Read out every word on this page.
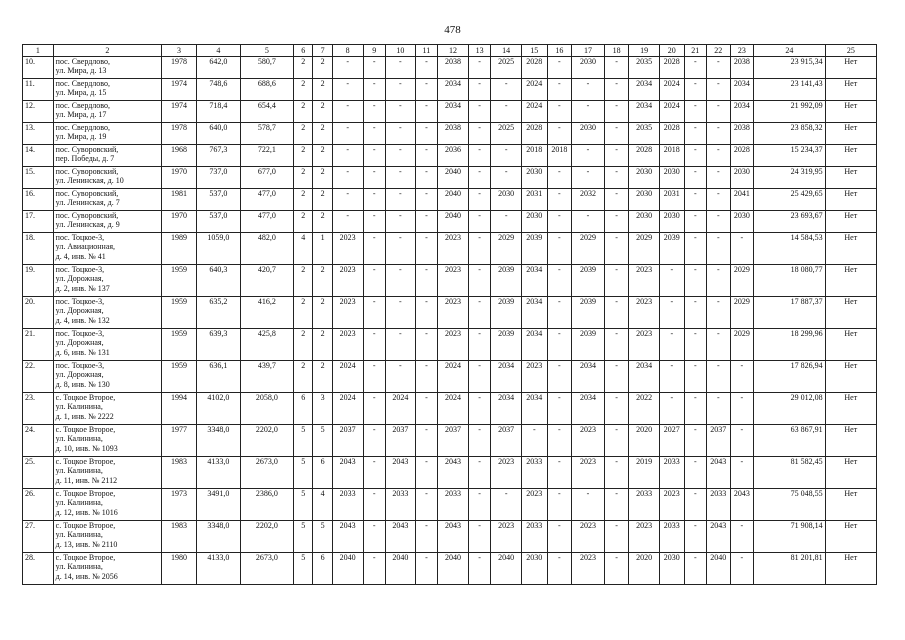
478
1	2	3	4	5	6	7	8	9	10	11	12	13	14	15	16	17	18	19	20	21	22	23	24	25
10.	пос. Свердлово,
ул. Мира, д. 13	1978	642,0	580,7	2	2	-	-	-	-	2038	-	2025	2028	-	2030	-	2035	2028	-	-	2038	23 915,34	Нет
11.	пос. Свердлово,
ул. Мира, д. 15	1974	748,6	688,6	2	2	-	-	-	-	2034	-	-	2024	-	-	-	2034	2024	-	-	2034	23 141,43	Нет
12.	пос. Свердлово,
ул. Мира, д. 17	1974	718,4	654,4	2	2	-	-	-	-	2034	-	-	2024	-	-	-	2034	2024	-	-	2034	21 992,09	Нет
13.	пос. Свердлово,
ул. Мира, д. 19	1978	640,0	578,7	2	2	-	-	-	-	2038	-	2025	2028	-	2030	-	2035	2028	-	-	2038	23 858,32	Нет
14.	пос. Суворовский,
пер. Победы, д. 7	1968	767,3	722,1	2	2	-	-	-	-	2036	-	-	2018	2018	-	-	2028	2018	-	-	2028	15 234,37	Нет
15.	пос. Суворовский,
ул. Ленинская, д. 10	1970	737,0	677,0	2	2	-	-	-	-	2040	-	-	2030	-	-	-	2030	2030	-	-	2030	24 319,95	Нет
16.	пос. Суворовский,
ул. Ленинская, д. 7	1981	537,0	477,0	2	2	-	-	-	-	2040	-	2030	2031	-	2032	-	2030	2031	-	-	2041	25 429,65	Нет
17.	пос. Суворовский,
ул. Ленинская, д. 9	1970	537,0	477,0	2	2	-	-	-	-	2040	-	-	2030	-	-	-	2030	2030	-	-	2030	23 693,67	Нет
18.	пос. Тоцкое-3,
ул. Авиационная,
д. 4, инв. № 41	1989	1059,0	482,0	4	1	2023	-	-	-	2023	-	2029	2039	-	2029	-	2029	2039	-	-	-	14 584,53	Нет
19.	пос. Тоцкое-3,
ул. Дорожная,
д. 2, инв. № 137	1959	640,3	420,7	2	2	2023	-	-	-	2023	-	2039	2034	-	2039	-	2023	-	-	-	2029	18 080,77	Нет
20.	пос. Тоцкое-3,
ул. Дорожная,
д. 4, инв. № 132	1959	635,2	416,2	2	2	2023	-	-	-	2023	-	2039	2034	-	2039	-	2023	-	-	-	2029	17 887,37	Нет
21.	пос. Тоцкое-3,
ул. Дорожная,
д. 6, инв. № 131	1959	639,3	425,8	2	2	2023	-	-	-	2023	-	2039	2034	-	2039	-	2023	-	-	-	2029	18 299,96	Нет
22.	пос. Тоцкое-3,
ул. Дорожная,
д. 8, инв. № 130	1959	636,1	439,7	2	2	2024	-	-	-	2024	-	2034	2023	-	2034	-	2034	-	-	-	-	17 826,94	Нет
23.	с. Тоцкое Второе,
ул. Калинина,
д. 1, инв. № 2222	1994	4102,0	2058,0	6	3	2024	-	2024	-	2024	-	2034	2034	-	2034	-	2022	-	-	-	-	29 012,08	Нет
24.	с. Тоцкое Второе,
ул. Калинина,
д. 10, инв. № 1093	1977	3348,0	2202,0	5	5	2037	-	2037	-	2037	-	2037	-	-	2023	-	2020	2027	-	2037	-	63 867,91	Нет
25.	с. Тоцкое Второе,
ул. Калинина,
д. 11, инв. № 2112	1983	4133,0	2673,0	5	6	2043	-	2043	-	2043	-	2023	2033	-	2023	-	2019	2033	-	2043	-	81 582,45	Нет
26.	с. Тоцкое Второе,
ул. Калинина,
д. 12, инв. № 1016	1973	3491,0	2386,0	5	4	2033	-	2033	-	2033	-	-	2023	-	-	-	2033	2023	-	2033	2043	75 048,55	Нет
27.	с. Тоцкое Второе,
ул. Калинина,
д. 13, инв. № 2110	1983	3348,0	2202,0	5	5	2043	-	2043	-	2043	-	2023	2033	-	2023	-	2023	2033	-	2043	-	71 908,14	Нет
28.	с. Тоцкое Второе,
ул. Калинина,
д. 14, инв. № 2056	1980	4133,0	2673,0	5	6	2040	-	2040	-	2040	-	2040	2030	-	2023	-	2020	2030	-	2040	-	81 201,81	Нет
